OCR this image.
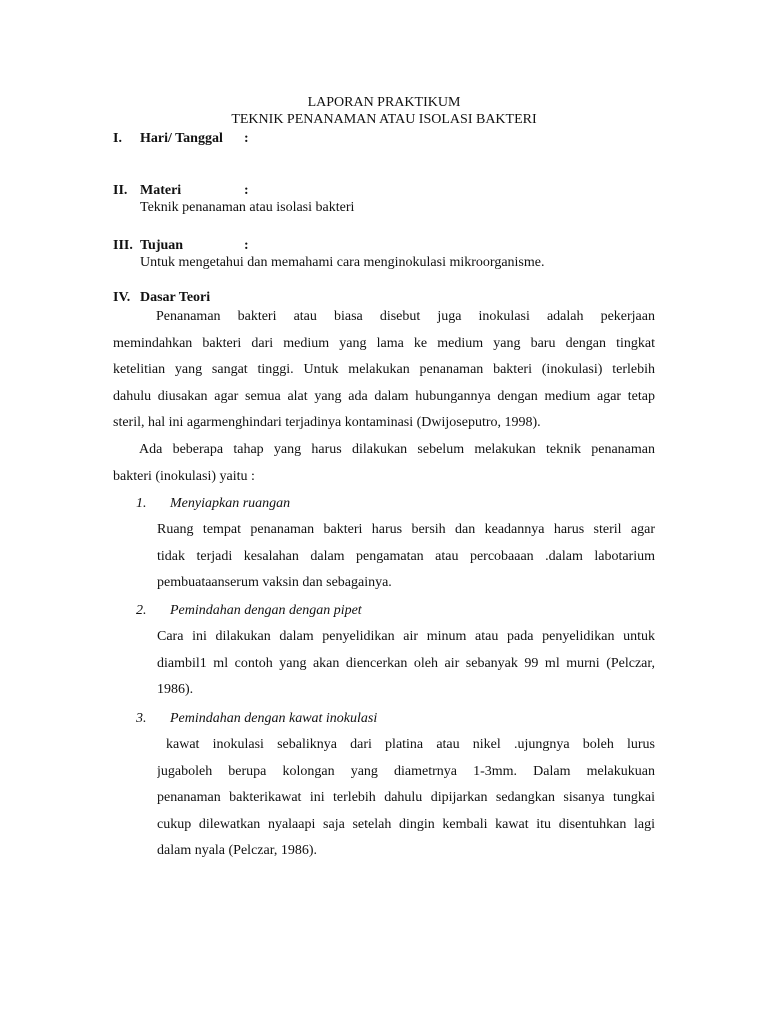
LAPORAN PRAKTIKUM
TEKNIK PENANAMAN ATAU ISOLASI BAKTERI
I. Hari/ Tanggal :
II. Materi	:
Teknik penanaman atau isolasi bakteri
III. Tujuan	:
Untuk mengetahui dan memahami cara menginokulasi mikroorganisme.
IV. Dasar Teori
Penanaman bakteri atau biasa disebut juga inokulasi adalah pekerjaan
memindahkan bakteri dari medium yang lama ke medium yang baru dengan tingkat
ketelitian yang sangat tinggi. Untuk melakukan penanaman bakteri (inokulasi) terlebih
dahulu diusakan agar semua alat yang ada dalam hubungannya dengan medium agar tetap
steril, hal ini agarmenghindari terjadinya kontaminasi (Dwijoseputro, 1998).
Ada beberapa tahap yang harus dilakukan sebelum melakukan teknik penanaman
bakteri (inokulasi) yaitu :
1. Menyiapkan ruangan
Ruang tempat penanaman bakteri harus bersih dan keadannya harus steril agar
tidak terjadi kesalahan dalam pengamatan atau percobaaan .dalam labotarium
pembuataanserum vaksin dan sebagainya.
2. Pemindahan dengan dengan pipet
Cara ini dilakukan dalam penyelidikan air minum atau pada penyelidikan untuk
diambil1 ml contoh yang akan diencerkan oleh air sebanyak 99 ml murni (Pelczar,
1986).
3. Pemindahan dengan kawat inokulasi
kawat inokulasi sebaliknya dari platina atau nikel .ujungnya boleh lurus
jugaboleh berupa kolongan yang diametrnya 1-3mm. Dalam melakukuan
penanaman bakterikawat ini terlebih dahulu dipijarkan sedangkan sisanya tungkai
cukup dilewatkan nyalaapi saja setelah dingin kembali kawat itu disentuhkan lagi
dalam nyala (Pelczar, 1986).
